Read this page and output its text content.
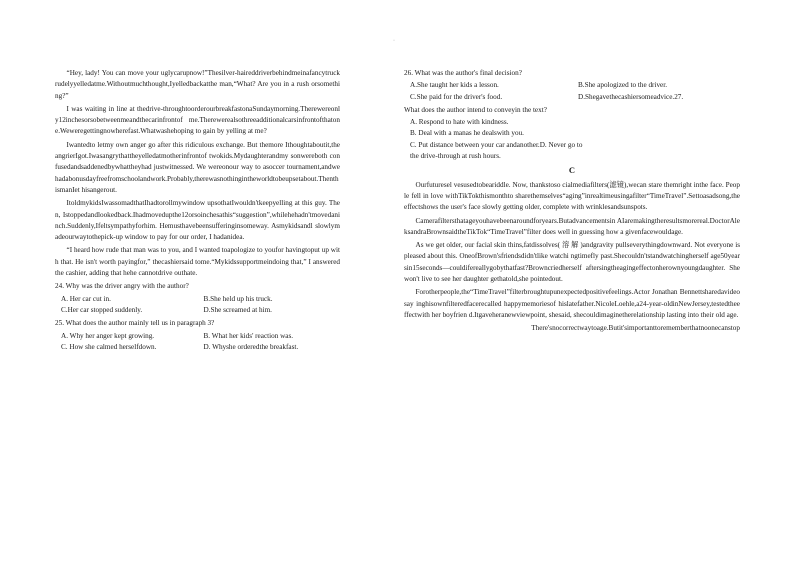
·

“Hey, lady! You can move your uglycarupnow!”Thesilver-hairedd​riverbehindmeinafancytruckrudelyyelledatme.Withoutmuchthought,Iyelledbackatthe man,“What? Are you in a rush orsomething?”

I was waiting in line at thedrive-throughtoorderourbreakfastonaSundaymorning.Therewereonly12inchesorsobetweenmeandthecarinfrontof me.Therewerealsothreeadditionalcarsinfrontofthatone.Weweregettingnowherefast.Whatwashehoping to gain by yelling at me?

Iwantedto letmy own anger go after this ridiculous exchange. But themore Ithoughtaboutit,theangrierIgot.Iwasangrythattheyelledatmotherinfrontof twokids.Mydaughterandmy sonwereboth confusedandsaddenedbywhattheyhad justwitnessed. We wereonour way to asoccer tournament,andwehadabonusdayfreefromschoolandwork.Probably,therewasnothingintheworldtobeupsetabout.ThenthismanIet hisangerout.

ItoldmykidsIwassomadthatIhadtorollmywindow upsothatIwouldn'tkeepyelling at this guy. Then, Istoppedandlookedback.Ihadmovedupthe12orsoinchesathis“suggestion”,whilehehadn'tmovedaninch.Suddenly,Ifeltsympathyforhim. Hemusthavebeensufferinginsomeway. Asmykidsandl slowlymadeourwaytothepick-up window to pay for our order, I hadanidea.

“I heard how rude that man was to you, and I wanted toapologize to youfor havingtoput up with that. He isn't worth payingfor,” thecashiersaid tome.“Mykidssupportmeindoing that,” I answered the cashier, adding that hehe cannotdrive outhate.

24. Why was the driver angry with the author?
A. Her car cut in.	B.She held up his truck.
C.Her car stopped suddenly.	D.She screamed at him.
25. What does the author mainly tell us in paragraph 3?
A. Why her anger kept growing.	B. What her kids' reaction was.
C. How she calmed herselfdown.	D. Whyshe orderedthe breakfast.
26. What was the author's final decision?
A.She taught her kids a lesson.	B.She apologized to the driver.
C.She paid for the driver's food.	D.Shegavethecashiersomeadvice.27.
What does the author intend to conveyin the text?
A. Respond to hate with kindness.
B. Deal with a manas he dealswith you.
C. Put distance between your car andanother.D. Never go to the drive-through at rush hours.
C

Ourfuturesel vesusedtobeariddle. Now, thankstoso cialmediafilters(滤镜),wecan stare themright inthe face. People fell in love withTikTokthismonthto sharethemselves“aging”inrealtimeusingafilter“TimeTravel”.Settoasadsong,theeffectshows the user's face slowly getting older, complete with wrinklesandsunspots.

Camerafiltersthatageyouhavebeenaroundforyears.Butadvancementsin AIaremakingtheresultsmorereal.DoctorAleksandraBrownsaidtheTikTok“TimeTravel”filter does well in guessing how a givenfacewouldage.

As we get older, our facial skin thins,fatdissolves( 溶 解 )andgravity pullseverythingdownward. Not everyone is pleased about this. OneofBrown'sfriendsdidn'tlike watchi ngtimefly past.Shecouldn'tstandwatchingherself age50yearsin15seconds—couldifereallygobythatfast?Browncriedherself aftersingtheagingeffectonherownyoungdaughter. She won't live to see her daughter gethatold,she pointedout.

Forotherpeople,the“TimeTravel”filterbroughtupunexpectedpositivefeelings.Actor Jonathan Bennettsharedavideosay inghisownfilteredfacerecalled happymemoriesof hislatefather.NicoleLoehle,a24-year-oldinNewJersey,testedtheeffectwith her boyfrien d.Itgaveheranewviewpoint, shesaid, shecouldimaginetherelationship lasting into their old age.

There'snocorrectwaytoage.Butit'simportanttorememberthatnoonecanstop
